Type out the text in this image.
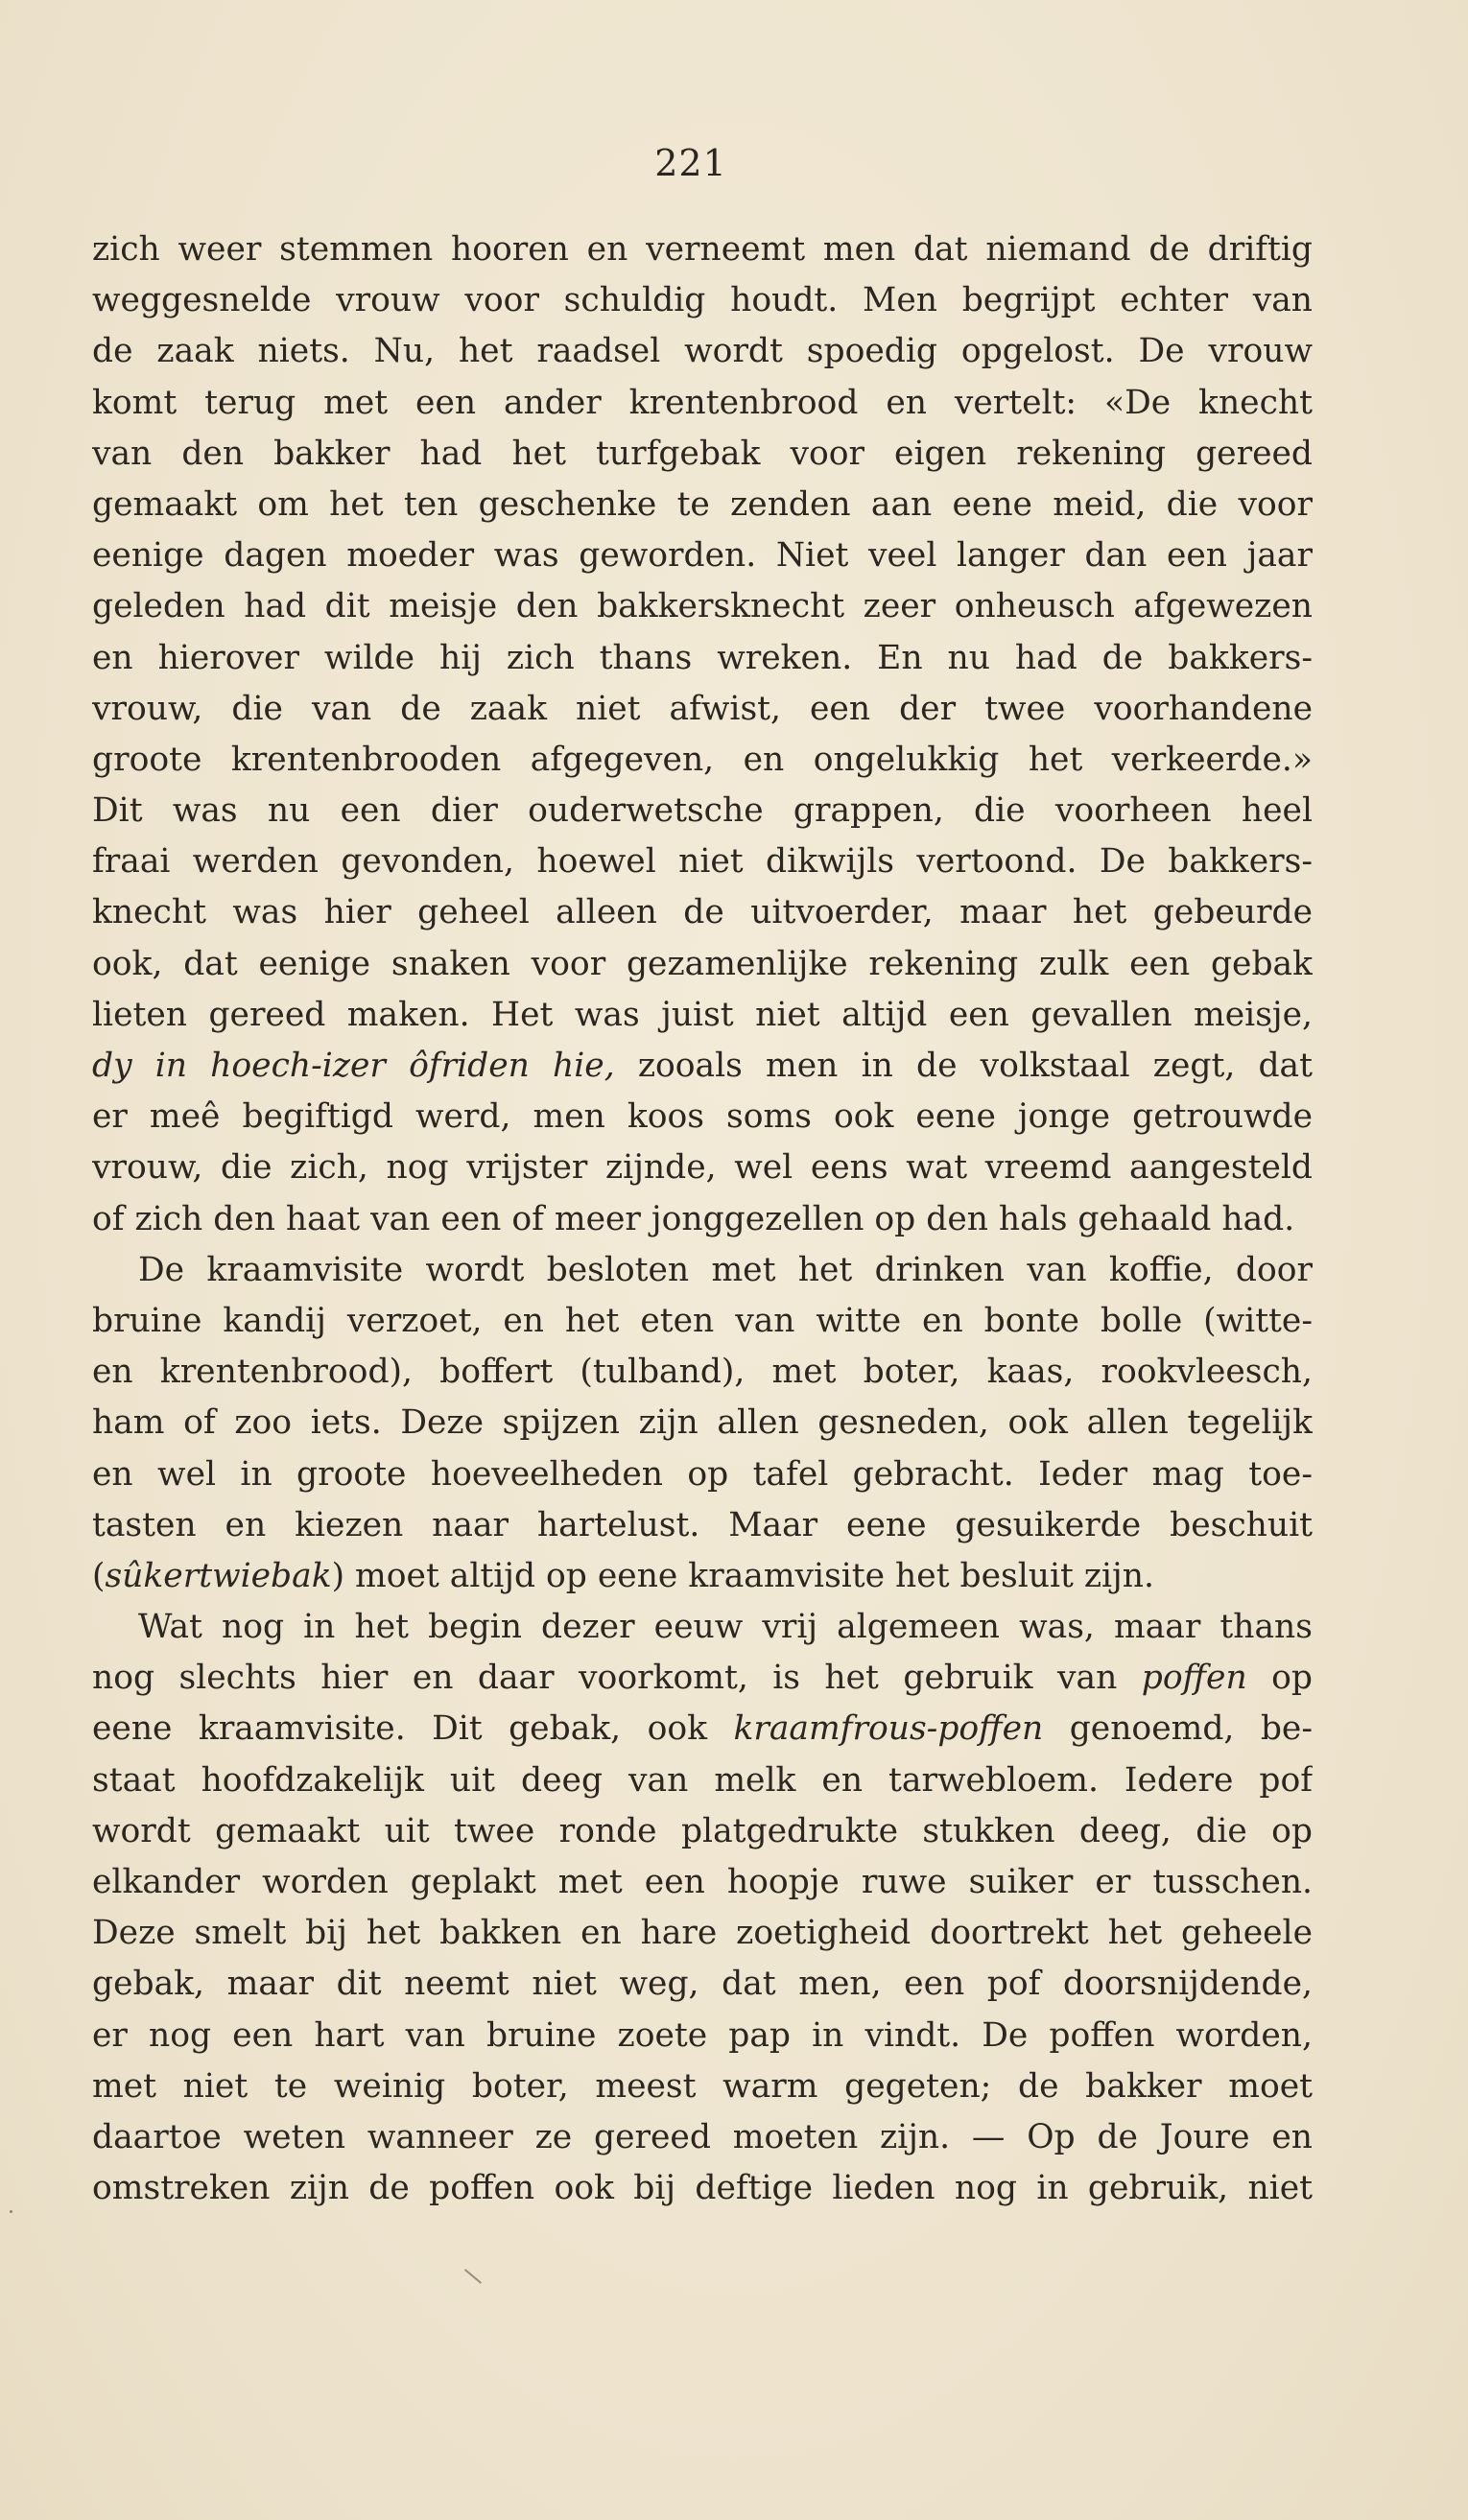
221
zich weer stemmen hooren en verneemt men dat niemand de driftig
weggesnelde vrouw voor schuldig houdt. Men begrijpt echter van
de zaak niets. Nu, het raadsel wordt spoedig opgelost. De vrouw
komt terug met een ander krentenbrood en vertelt: «De knecht
van den bakker had het turfgebak voor eigen rekening gereed
gemaakt om het ten geschenke te zenden aan eene meid, die voor
eenige dagen moeder was geworden. Niet veel langer dan een jaar
geleden had dit meisje den bakkersknecht zeer onheusch afgewezen
en hierover wilde hij zich thans wreken. En nu had de bakkers-
vrouw, die van de zaak niet afwist, een der twee voorhandene
groote krentenbrooden afgegeven, en ongelukkig het verkeerde.»
Dit was nu een dier ouderwetsche grappen, die voorheen heel
fraai werden gevonden, hoewel niet dikwijls vertoond. De bakkers-
knecht was hier geheel alleen de uitvoerder, maar het gebeurde
ook, dat eenige snaken voor gezamenlijke rekening zulk een gebak
lieten gereed maken. Het was juist niet altijd een gevallen meisje,
dy in hoech-izer ôfriden hie, zooals men in de volkstaal zegt, dat
er meê begiftigd werd, men koos soms ook eene jonge getrouwde
vrouw, die zich, nog vrijster zijnde, wel eens wat vreemd aangesteld
of zich den haat van een of meer jonggezellen op den hals gehaald had.
De kraamvisite wordt besloten met het drinken van koffie, door
bruine kandij verzoet, en het eten van witte en bonte bolle (witte-
en krentenbrood), boffert (tulband), met boter, kaas, rookvleesch,
ham of zoo iets. Deze spijzen zijn allen gesneden, ook allen tegelijk
en wel in groote hoeveelheden op tafel gebracht. Ieder mag toe-
tasten en kiezen naar hartelust. Maar eene gesuikerde beschuit
(sûkertwiebak) moet altijd op eene kraamvisite het besluit zijn.
Wat nog in het begin dezer eeuw vrij algemeen was, maar thans
nog slechts hier en daar voorkomt, is het gebruik van poffen op
eene kraamvisite. Dit gebak, ook kraamfrous-poffen genoemd, be-
staat hoofdzakelijk uit deeg van melk en tarwebloem. Iedere pof
wordt gemaakt uit twee ronde platgedrukte stukken deeg, die op
elkander worden geplakt met een hoopje ruwe suiker er tusschen.
Deze smelt bij het bakken en hare zoetigheid doortrekt het geheele
gebak, maar dit neemt niet weg, dat men, een pof doorsnijdende,
er nog een hart van bruine zoete pap in vindt. De poffen worden,
met niet te weinig boter, meest warm gegeten; de bakker moet
daartoe weten wanneer ze gereed moeten zijn. — Op de Joure en
omstreken zijn de poffen ook bij deftige lieden nog in gebruik, niet
